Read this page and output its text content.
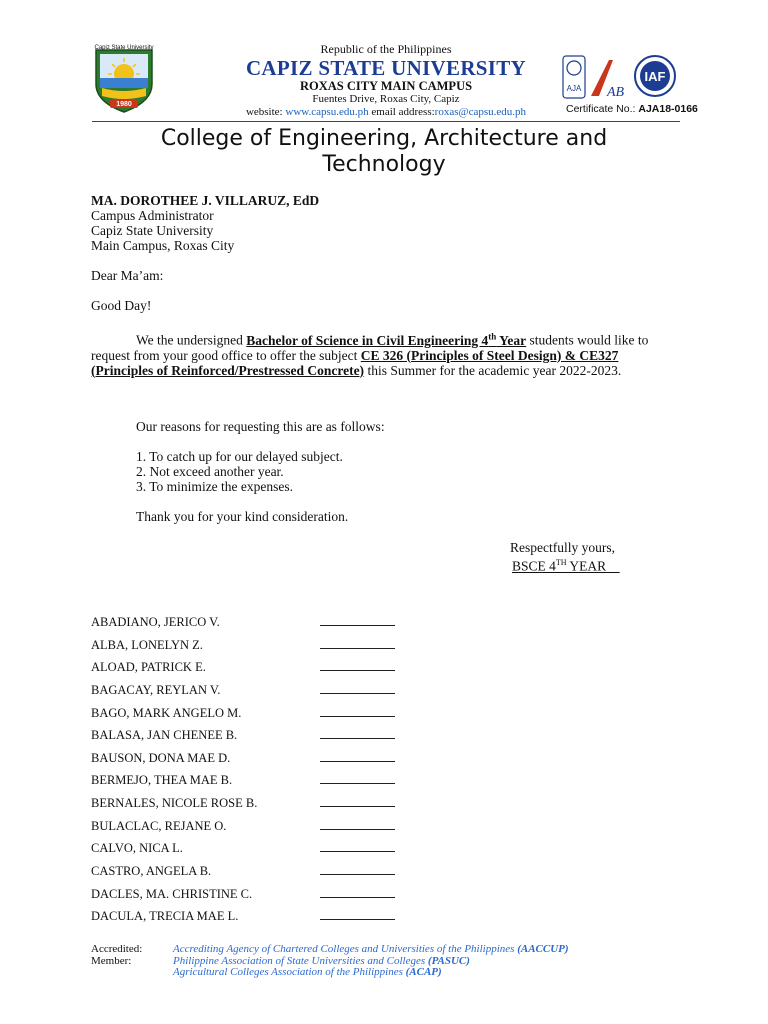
Capiz State University
1980
Republic of the Philippines
CAPIZ STATE UNIVERSITY
ROXAS CITY MAIN CAMPUS
Fuentes Drive, Roxas City, Capiz
website: www.capsu.edu.ph email address:roxas@capsu.edu.ph
AJA AB
IAF
Certificate No.: AJA18-0166
College of Engineering, Architecture and Technology
MA. DOROTHEE J. VILLARUZ, EdD
Campus Administrator
Capiz State University
Main Campus, Roxas City
Dear Ma’am:
Good Day!
We the undersigned Bachelor of Science in Civil Engineering 4th Year students would like to request from your good office to offer the subject CE 326 (Principles of Steel Design) & CE327 (Principles of Reinforced/Prestressed Concrete) this Summer for the academic year 2022-2023.
Our reasons for requesting this are as follows:
1. To catch up for our delayed subject.
2. Not exceed another year.
3. To minimize the expenses.
Thank you for your kind consideration.
Respectfully yours,
BSCE 4TH YEAR
ABADIANO, JERICO V.
ALBA, LONELYN Z.
ALOAD, PATRICK E.
BAGACAY, REYLAN V.
BAGO, MARK ANGELO M.
BALASA, JAN CHENEE B.
BAUSON, DONA MAE D.
BERMEJO, THEA MAE B.
BERNALES, NICOLE ROSE B.
BULACLAC, REJANE O.
CALVO, NICA L.
CASTRO, ANGELA B.
DACLES, MA. CHRISTINE C.
DACULA, TRECIA MAE L.
Accredited:	Accrediting Agency of Chartered Colleges and Universities of the Philippines (AACCUP)
Member:	Philippine Association of State Universities and Colleges (PASUC)
Agricultural Colleges Association of the Philippines (ACAP)
